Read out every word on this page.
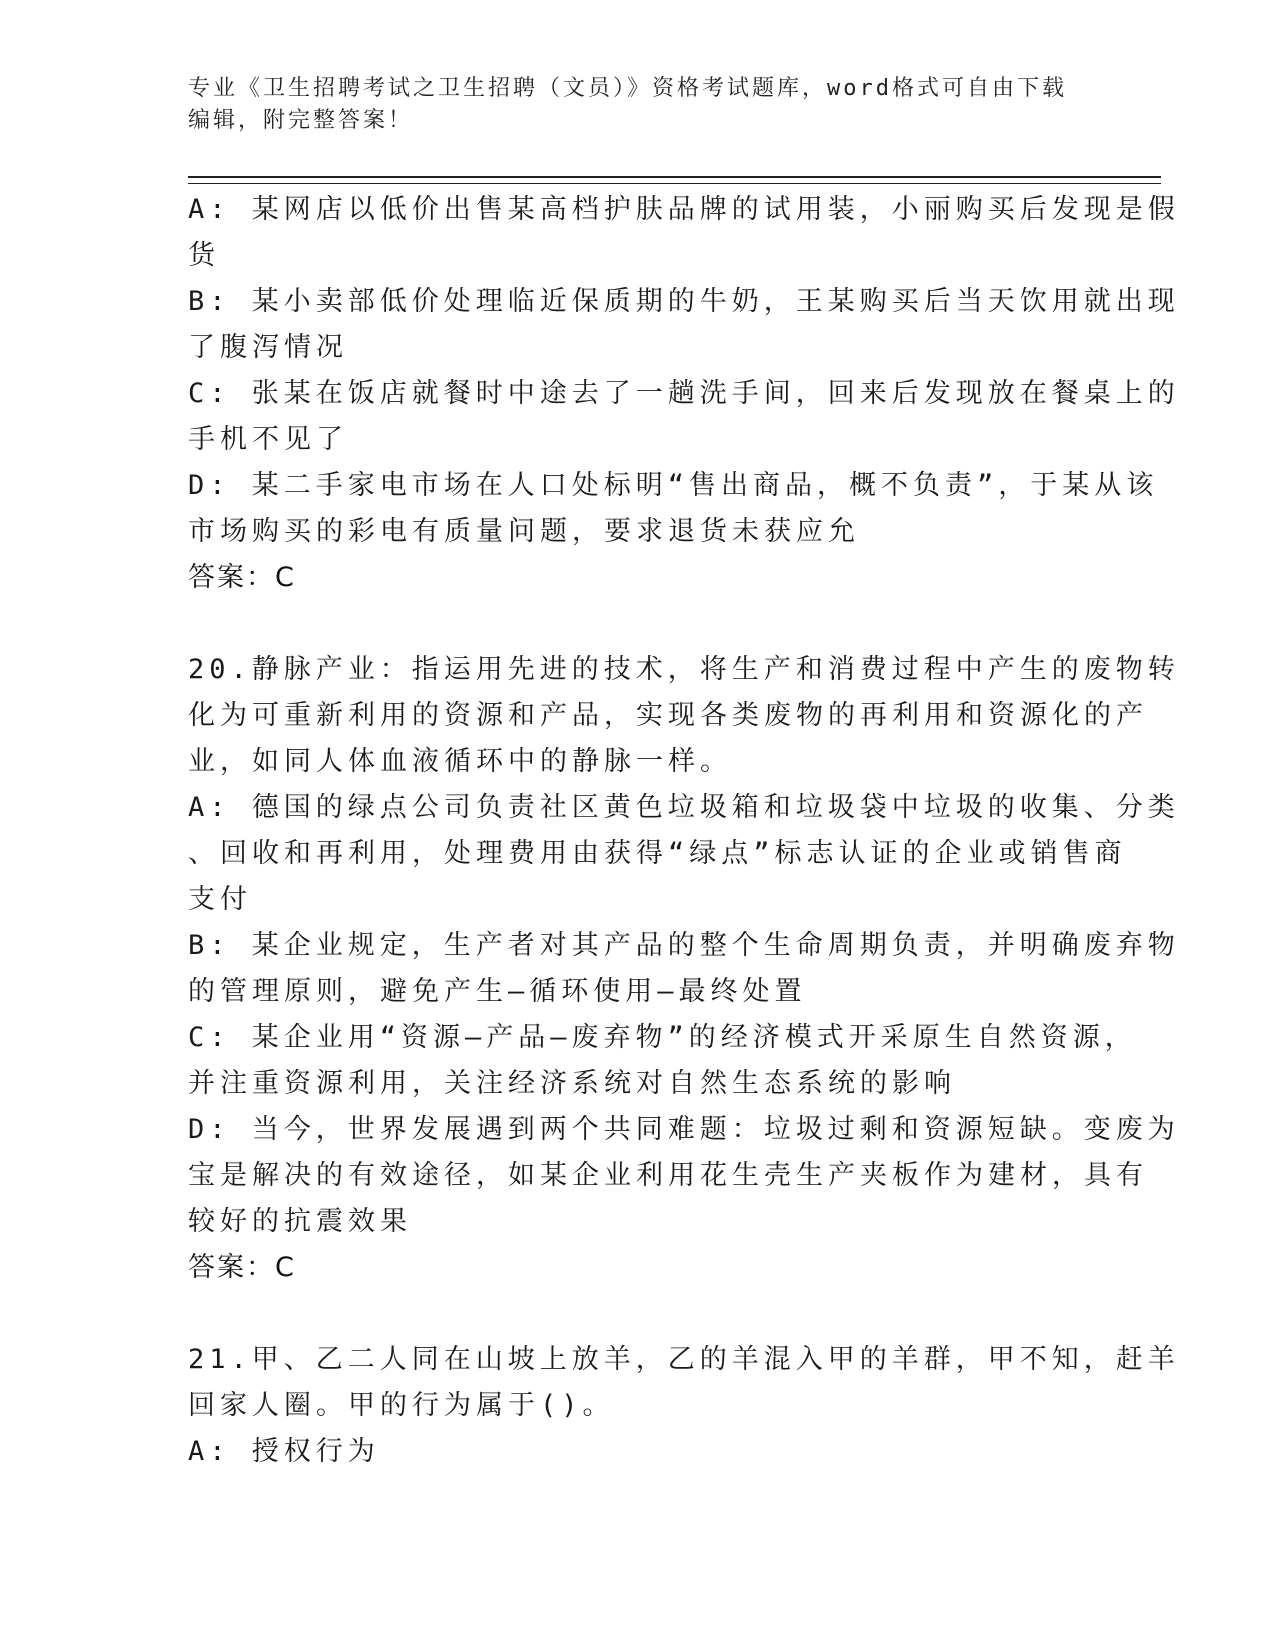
专业《卫生招聘考试之卫生招聘（文员）》资格考试题库，word格式可自由下载
编辑，附完整答案！
A: 某网店以低价出售某高档护肤品牌的试用装，小丽购买后发现是假
货
B: 某小卖部低价处理临近保质期的牛奶，王某购买后当天饮用就出现
了腹泻情况
C: 张某在饭店就餐时中途去了一趟洗手间，回来后发现放在餐桌上的
手机不见了
D: 某二手家电市场在人口处标明“售出商品，概不负责”，于某从该
市场购买的彩电有质量问题，要求退货未获应允
答案：C
20.静脉产业：指运用先进的技术，将生产和消费过程中产生的废物转
化为可重新利用的资源和产品，实现各类废物的再利用和资源化的产
业，如同人体血液循环中的静脉一样。
A: 德国的绿点公司负责社区黄色垃圾箱和垃圾袋中垃圾的收集、分类
、回收和再利用，处理费用由获得“绿点”标志认证的企业或销售商
支付
B: 某企业规定，生产者对其产品的整个生命周期负责，并明确废弃物
的管理原则，避免产生—循环使用—最终处置
C: 某企业用“资源—产品—废弃物”的经济模式开采原生自然资源，
并注重资源利用，关注经济系统对自然生态系统的影响
D: 当今，世界发展遇到两个共同难题：垃圾过剩和资源短缺。变废为
宝是解决的有效途径，如某企业利用花生壳生产夹板作为建材，具有
较好的抗震效果
答案：C
21.甲、乙二人同在山坡上放羊，乙的羊混入甲的羊群，甲不知，赶羊
回家人圈。甲的行为属于()。
A: 授权行为
